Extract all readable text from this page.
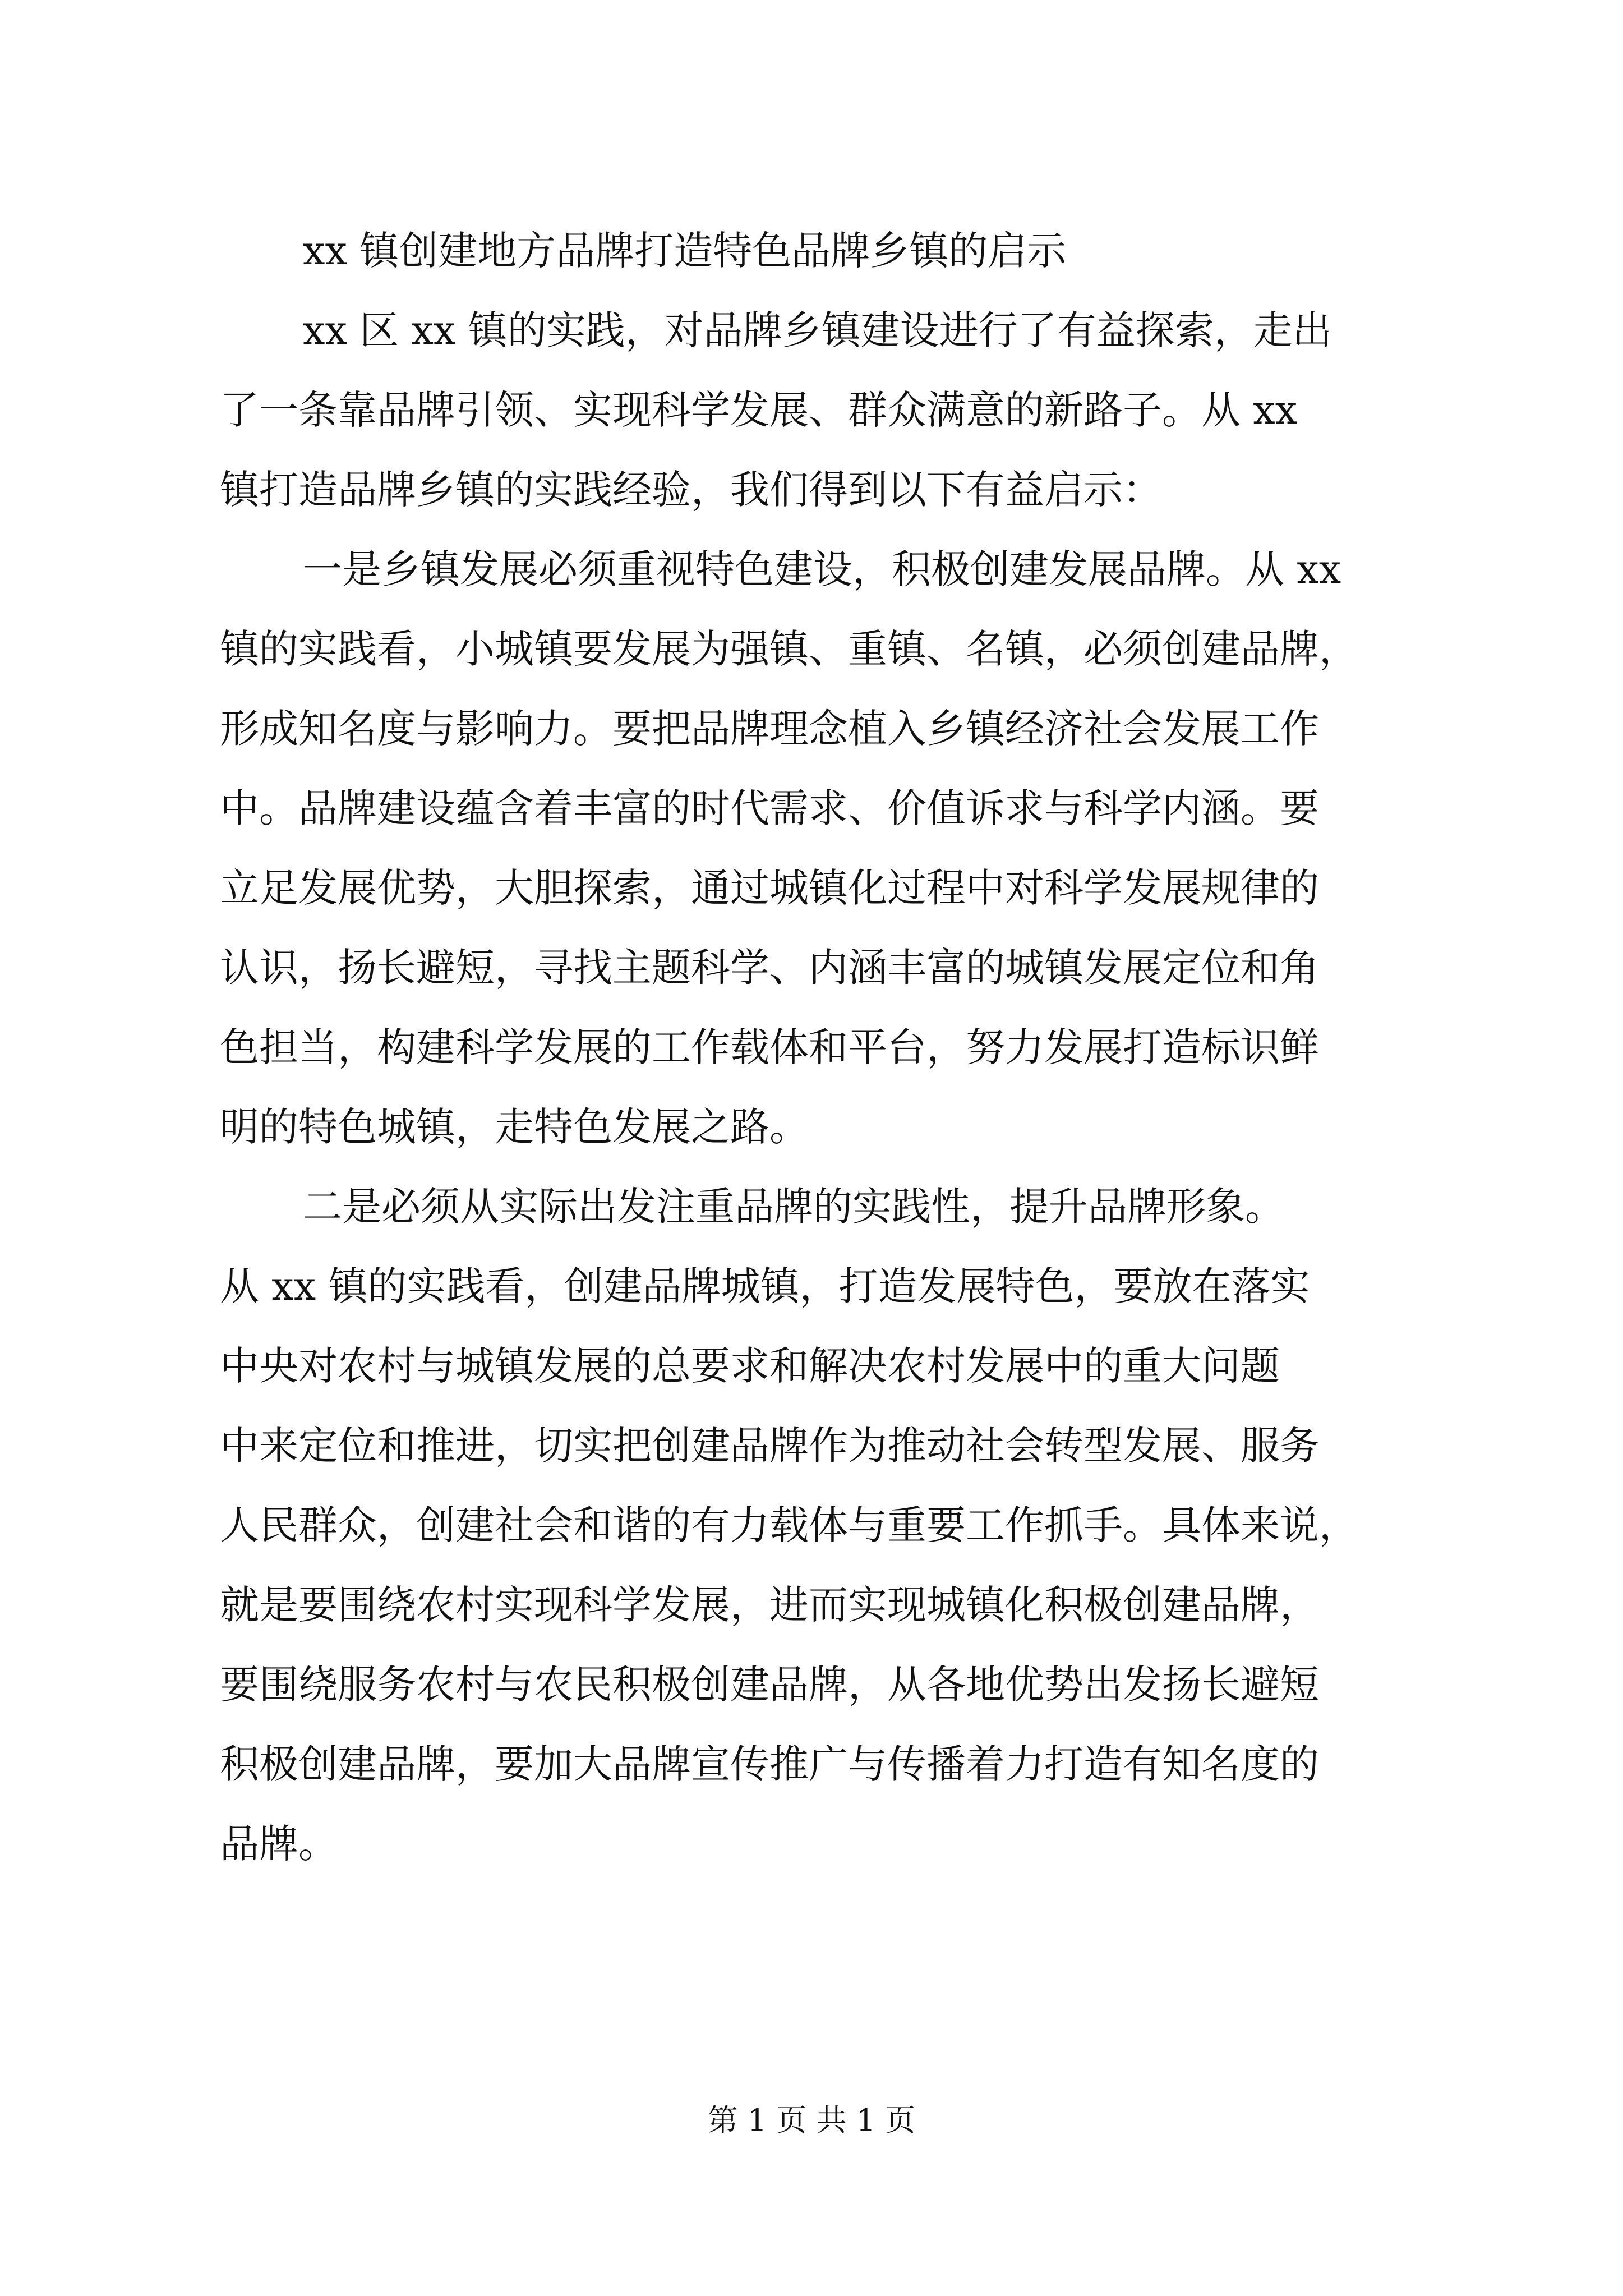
xx 镇创建地方品牌打造特色品牌乡镇的启示
xx 区 xx 镇的实践，对品牌乡镇建设进行了有益探索，走出
了一条靠品牌引领、实现科学发展、群众满意的新路子。从 xx
镇打造品牌乡镇的实践经验，我们得到以下有益启示：
一是乡镇发展必须重视特色建设，积极创建发展品牌。从 xx
镇的实践看，小城镇要发展为强镇、重镇、名镇，必须创建品牌，
形成知名度与影响力。要把品牌理念植入乡镇经济社会发展工作
中。品牌建设蕴含着丰富的时代需求、价值诉求与科学内涵。要
立足发展优势，大胆探索，通过城镇化过程中对科学发展规律的
认识，扬长避短，寻找主题科学、内涵丰富的城镇发展定位和角
色担当，构建科学发展的工作载体和平台，努力发展打造标识鲜
明的特色城镇，走特色发展之路。
二是必须从实际出发注重品牌的实践性，提升品牌形象。
从 xx 镇的实践看，创建品牌城镇，打造发展特色，要放在落实
中央对农村与城镇发展的总要求和解决农村发展中的重大问题
中来定位和推进，切实把创建品牌作为推动社会转型发展、服务
人民群众，创建社会和谐的有力载体与重要工作抓手。具体来说，
就是要围绕农村实现科学发展，进而实现城镇化积极创建品牌，
要围绕服务农村与农民积极创建品牌，从各地优势出发扬长避短
积极创建品牌，要加大品牌宣传推广与传播着力打造有知名度的
品牌。
第 1 页 共 1 页
